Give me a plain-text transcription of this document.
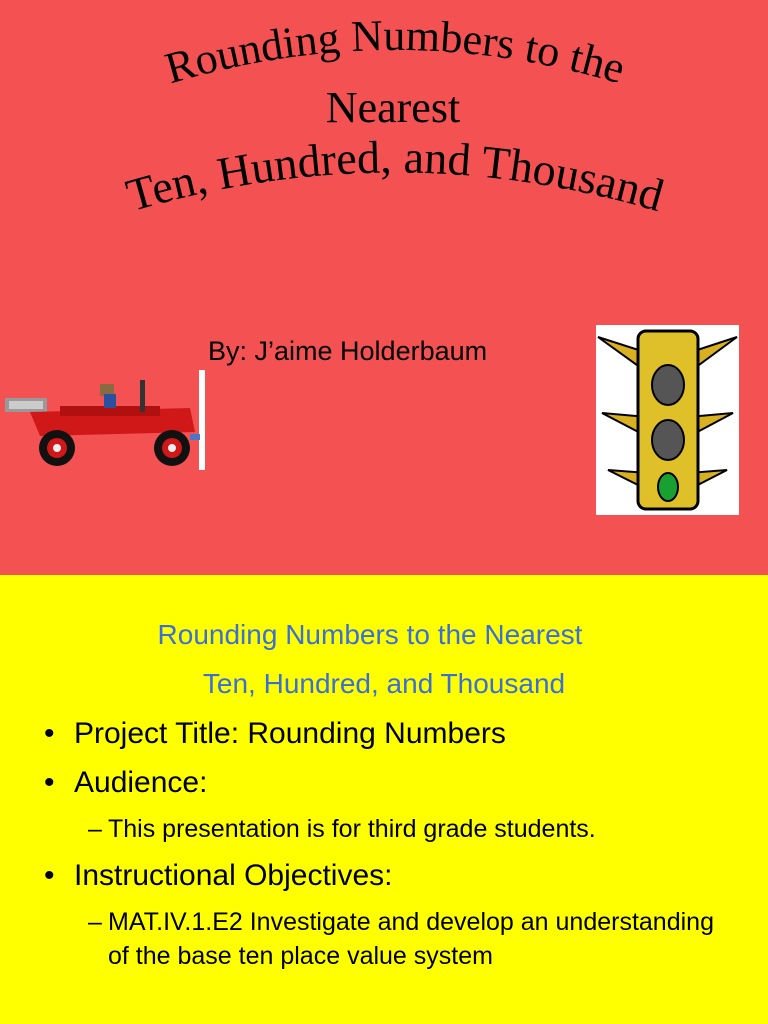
Rounding Numbers to the
Nearest
Ten, Hundred, and Thousand
By: J’aime Holderbaum
Rounding Numbers to the Nearest
Ten, Hundred, and Thousand
• Project Title: Rounding Numbers
• Audience:
– This presentation is for third grade students.
• Instructional Objectives:
– MAT.IV.1.E2 Investigate and develop an understanding of the base ten place value system
